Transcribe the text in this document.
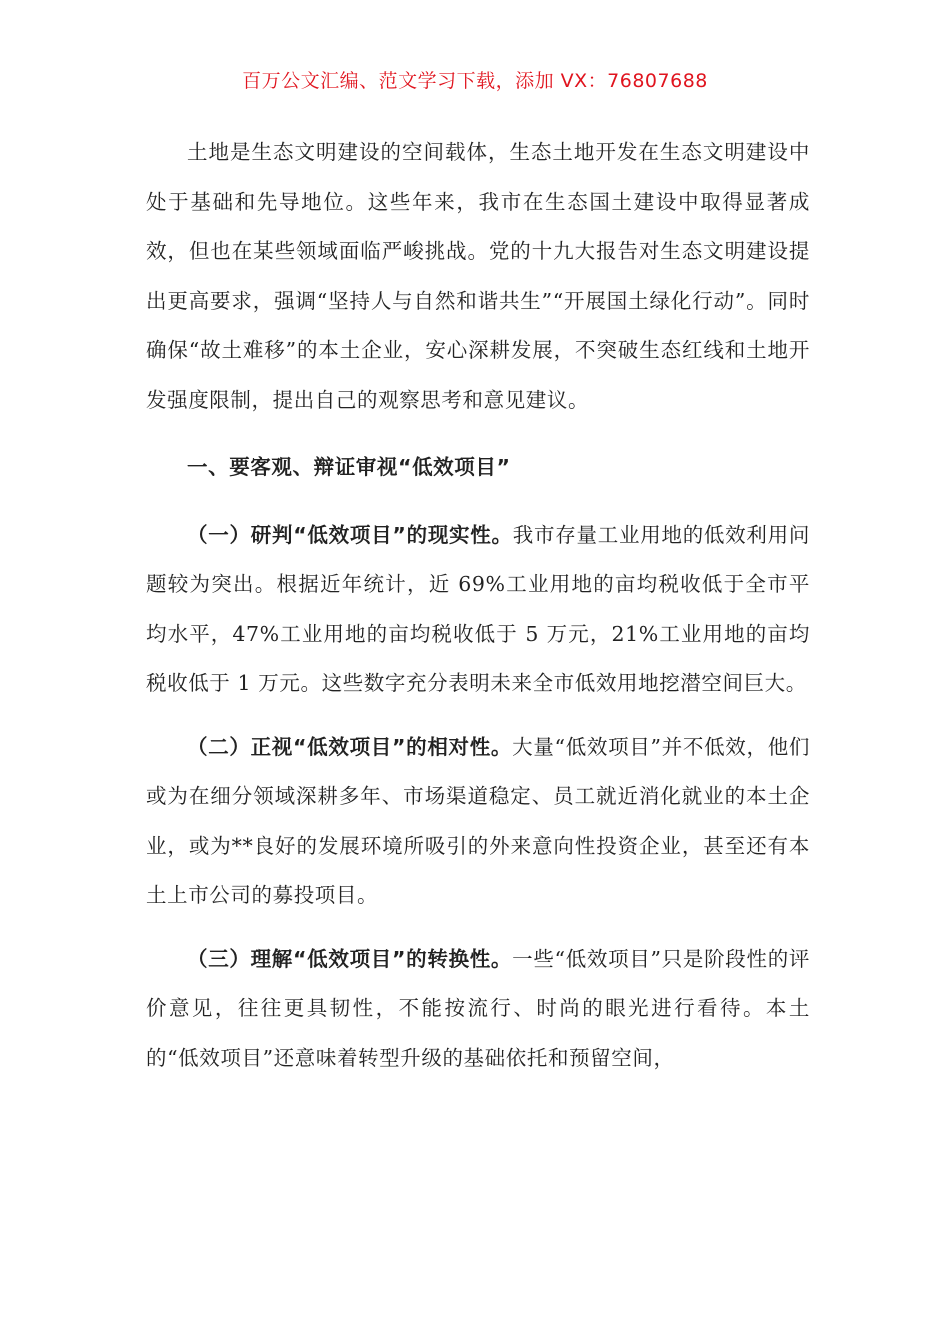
百万公文汇编、范文学习下载，添加 VX：76807688

土地是生态文明建设的空间载体，生态土地开发在生态文明建设中处于基础和先导地位。这些年来，我市在生态国土建设中取得显著成效，但也在某些领域面临严峻挑战。党的十九大报告对生态文明建设提出更高要求，强调“坚持人与自然和谐共生”“开展国土绿化行动”。同时确保“故土难移”的本土企业，安心深耕发展，不突破生态红线和土地开发强度限制，提出自己的观察思考和意见建议。

一、要客观、辩证审视“低效项目”

（一）研判“低效项目”的现实性。我市存量工业用地的低效利用问题较为突出。根据近年统计，近 69%工业用地的亩均税收低于全市平均水平，47%工业用地的亩均税收低于 5 万元，21%工业用地的亩均税收低于 1 万元。这些数字充分表明未来全市低效用地挖潜空间巨大。

（二）正视“低效项目”的相对性。大量“低效项目”并不低效，他们或为在细分领域深耕多年、市场渠道稳定、员工就近消化就业的本土企业，或为**良好的发展环境所吸引的外来意向性投资企业，甚至还有本土上市公司的募投项目。

（三）理解“低效项目”的转换性。一些“低效项目”只是阶段性的评价意见，往往更具韧性，不能按流行、时尚的眼光进行看待。本土的“低效项目”还意味着转型升级的基础依托和预留空间，
